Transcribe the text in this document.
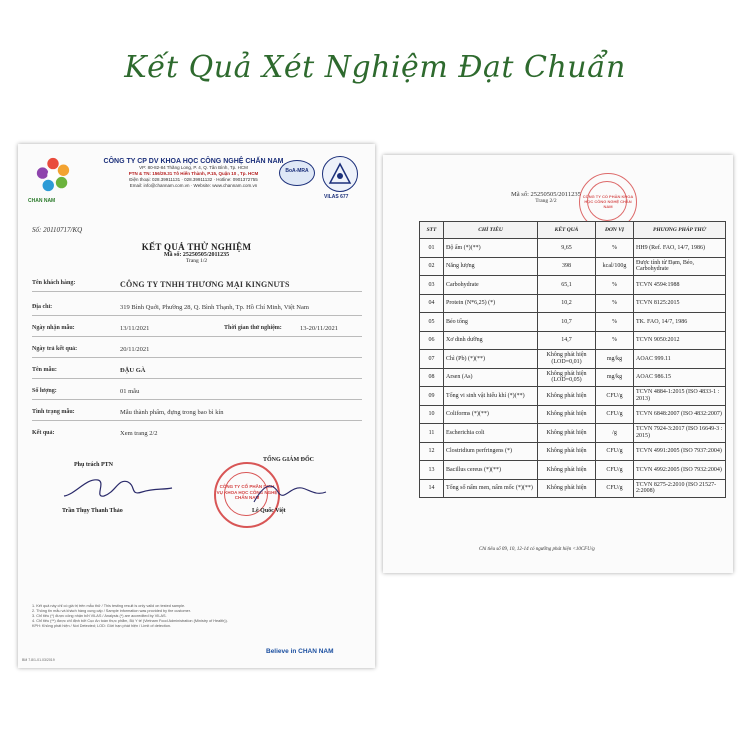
Kết Quả Xét Nghiệm Đạt Chuẩn
CHAN NAM
CÔNG TY CP DV KHOA HỌC CÔNG NGHỆ CHẤN NAM
VP: 80-82-84 Thăng Long, P. 4, Q. Tân Bình, Tp. HCM
PTN & TN: 156/29.31 Tô Hiến Thành, P.15, Quận 10 , Tp. HCM
Điện thoại: 028.39911131 · 028.39911132 · Hotline: 0901372755
Email: info@channam.com.vn · Website: www.channam.com.vn
BoA-MRA
VILAS 677
Số: 20110717/KQ
KẾT QUẢ THỬ NGHIỆM
Mã số: 25250505/2011235
Trang 1/2
Tên khách hàng:	CÔNG TY TNHH THƯƠNG MẠI KINGNUTS
Địa chỉ:	319 Bình Quới, Phường 28, Q. Bình Thạnh, Tp. Hồ Chí Minh, Việt Nam
Ngày nhận mẫu:	13/11/2021	Thời gian thử nghiệm:	13-20/11/2021
Ngày trả kết quả:	20/11/2021
Tên mẫu:	ĐẬU GÀ
Số lượng:	01 mẫu
Tình trạng mẫu:	Mẫu thành phẩm, đựng trong bao bì kín
Kết quả:	Xem trang 2/2
Phụ trách PTN
Trần Thụy Thanh Thảo
TỔNG GIÁM ĐỐC
CÔNG TY CỔ PHẦN DỊCH VỤ KHOA HỌC CÔNG NGHỆ CHẤN NAM
Lê Quốc Việt
1. Kết quả này chỉ có giá trị trên mẫu thử / This testing result is only valid on tested sample.
2. Thông tin mẫu và khách hàng cung cấp / Sample information was provided by the customer.
3. Chỉ tiêu (*) được công nhận bởi VILAS / Analysis (*) are accredited by VILAS.
4. Chỉ tiêu (**) được chỉ định bởi Cục An toàn thực phẩm, Bộ Y tế (Vietnam Food Administration (Ministry of Health)).
KPH: Không phát hiện / Not Detected; LOD: Giới hạn phát hiện / Limit of detection.
Believe in CHAN NAM
BM 7.8/1-01.03/2019
Mã số: 25250505/2011235
Trang 2/2
CÔNG TY CỔ PHẦN KHOA HỌC CÔNG NGHỆ CHẤN NAM
STT	CHỈ TIÊU	KẾT QUẢ	ĐƠN VỊ	PHƯƠNG PHÁP THỬ
01	Độ ẩm (*)(**)	9,65	%	HH9 (Ref. FAO, 14/7, 1986)
02	Năng lượng	398	kcal/100g	Được tính từ Đạm, Béo, Carbohydrate
03	Carbohydrate	65,1	%	TCVN 4594:1988
04	Protein (N*6,25) (*)	10,2	%	TCVN 8125:2015
05	Béo tổng	10,7	%	TK. FAO, 14/7, 1986
06	Xơ dinh dưỡng	14,7	%	TCVN 9050:2012
07	Chì (Pb) (*)(**)	Không phát hiện (LOD=0,01)	mg/kg	AOAC 999.11
08	Arsen (As)	Không phát hiện (LOD=0,05)	mg/kg	AOAC 986.15
09	Tổng vi sinh vật hiếu khí (*)(**)	Không phát hiện	CFU/g	TCVN 4884-1:2015 (ISO 4833-1 : 2013)
10	Coliforms (*)(**)	Không phát hiện	CFU/g	TCVN 6848:2007 (ISO 4832:2007)
11	Escherichia coli	Không phát hiện	/g	TCVN 7924-3:2017 (ISO 16649-3 : 2015)
12	Clostridium perfringens (*)	Không phát hiện	CFU/g	TCVN 4991:2005 (ISO 7937:2004)
13	Bacillus cereus (*)(**)	Không phát hiện	CFU/g	TCVN 4992:2005 (ISO 7932:2004)
14	Tổng số nấm men, nấm mốc (*)(**)	Không phát hiện	CFU/g	TCVN 8275-2:2010 (ISO 21527-2:2008)
Chỉ tiêu số 09, 10, 12-14 có ngưỡng phát hiện <10CFU/g
